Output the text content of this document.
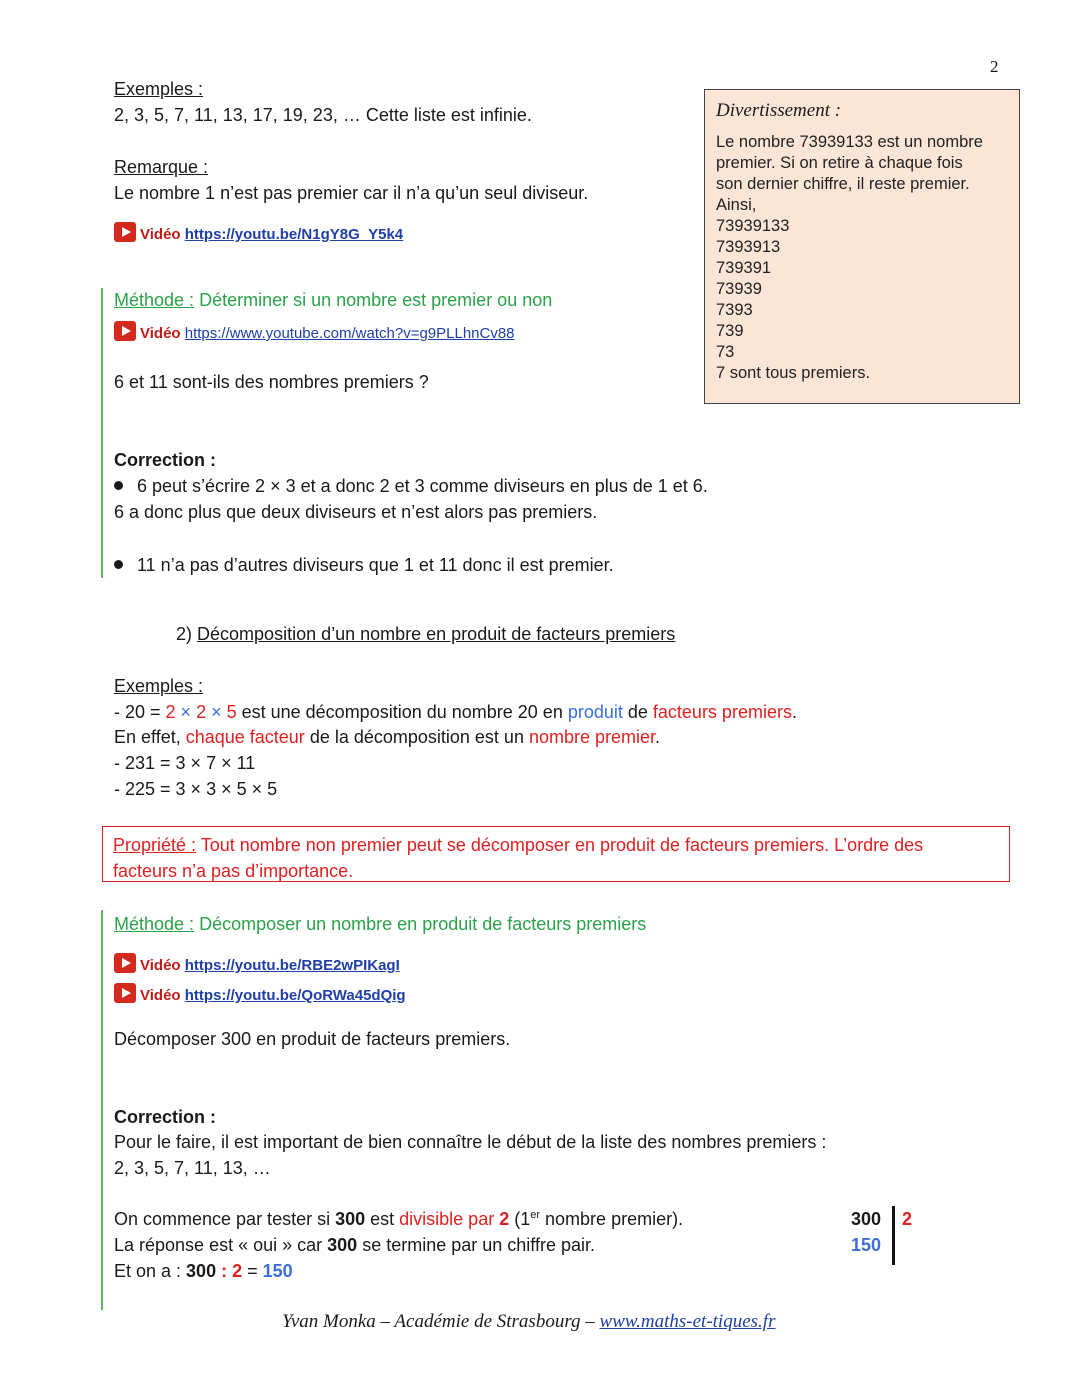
2
Exemples :
2, 3, 5, 7, 11, 13, 17, 19, 23, … Cette liste est infinie.
Remarque :
Le nombre 1 n’est pas premier car il n’a qu’un seul diviseur.
Vidéo https://youtu.be/N1gY8G_Y5k4
Méthode : Déterminer si un nombre est premier ou non
Vidéo https://www.youtube.com/watch?v=g9PLLhnCv88
6 et 11 sont-ils des nombres premiers ?
Correction :
6 peut s’écrire 2 × 3 et a donc 2 et 3 comme diviseurs en plus de 1 et 6.
6 a donc plus que deux diviseurs et n’est alors pas premiers.
11 n’a pas d’autres diviseurs que 1 et 11 donc il est premier.
Divertissement :
Le nombre 73939133 est un nombre
premier. Si on retire à chaque fois
son dernier chiffre, il reste premier.
Ainsi,
73939133
7393913
739391
73939
7393
739
73
7 sont tous premiers.
2) Décomposition d’un nombre en produit de facteurs premiers
Exemples :
- 20 = 2 × 2 × 5 est une décomposition du nombre 20 en produit de facteurs premiers.
En effet, chaque facteur de la décomposition est un nombre premier.
- 231 = 3 × 7 × 11
- 225 = 3 × 3 × 5 × 5
Propriété : Tout nombre non premier peut se décomposer en produit de facteurs premiers. L’ordre des
facteurs n’a pas d’importance.
Méthode : Décomposer un nombre en produit de facteurs premiers
Vidéo https://youtu.be/RBE2wPIKagI
Vidéo https://youtu.be/QoRWa45dQig
Décomposer 300 en produit de facteurs premiers.
Correction :
Pour le faire, il est important de bien connaître le début de la liste des nombres premiers :
2, 3, 5, 7, 11, 13, …
On commence par tester si 300 est divisible par 2 (1er nombre premier).
La réponse est « oui » car 300 se termine par un chiffre pair.
Et on a : 300 : 2 = 150
300
150
2
Yvan Monka – Académie de Strasbourg – www.maths-et-tiques.fr
